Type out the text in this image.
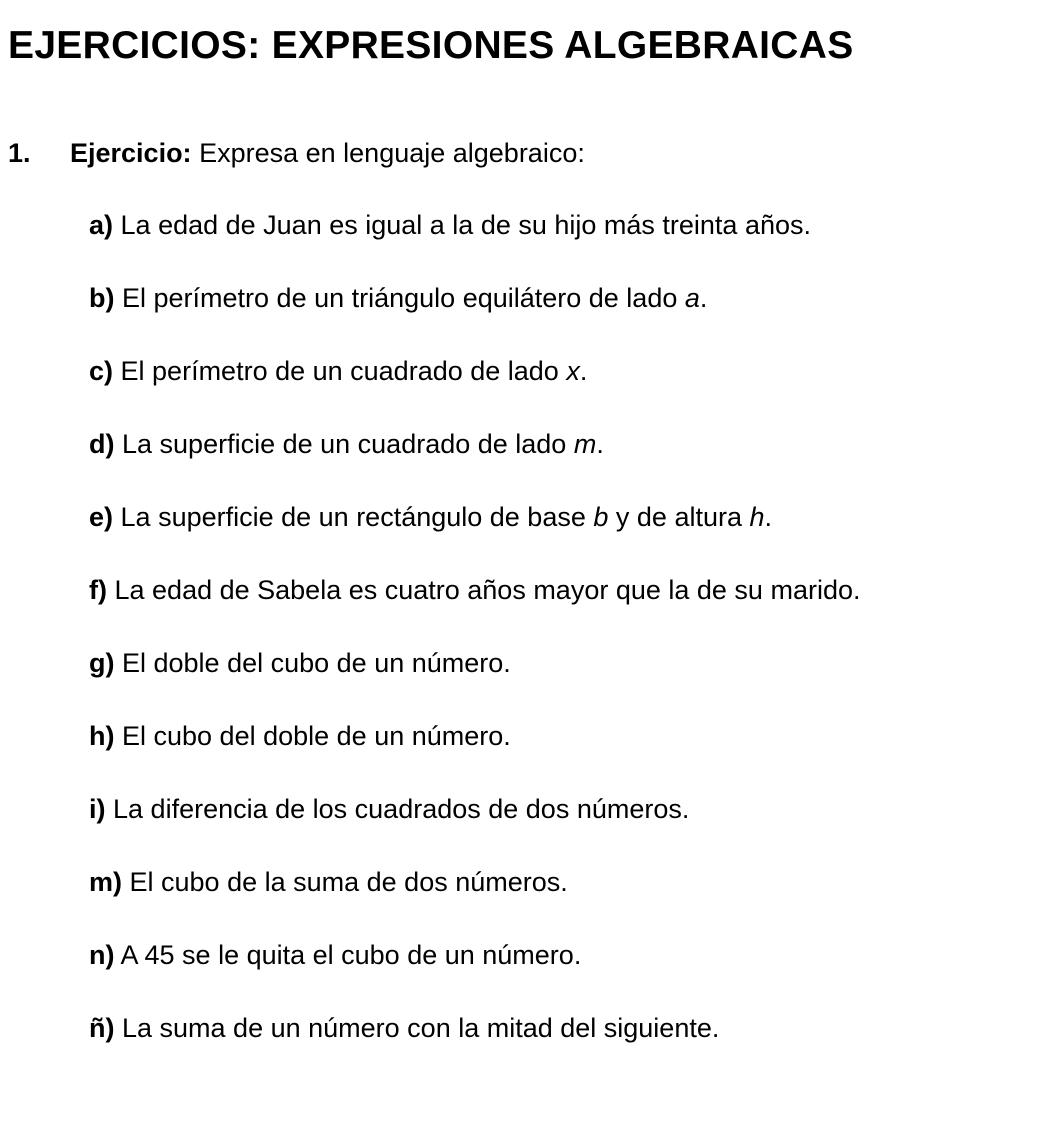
EJERCICIOS: EXPRESIONES ALGEBRAICAS
1. Ejercicio: Expresa en lenguaje algebraico:
a) La edad de Juan es igual a la de su hijo más treinta años.
b) El perímetro de un triángulo equilátero de lado a.
c) El perímetro de un cuadrado de lado x.
d) La superficie de un cuadrado de lado m.
e) La superficie de un rectángulo de base b y de altura h.
f) La edad de Sabela es cuatro años mayor que la de su marido.
g) El doble del cubo de un número.
h) El cubo del doble de un número.
i) La diferencia de los cuadrados de dos números.
m) El cubo de la suma de dos números.
n) A 45 se le quita el cubo de un número.
ñ) La suma de un número con la mitad del siguiente.
